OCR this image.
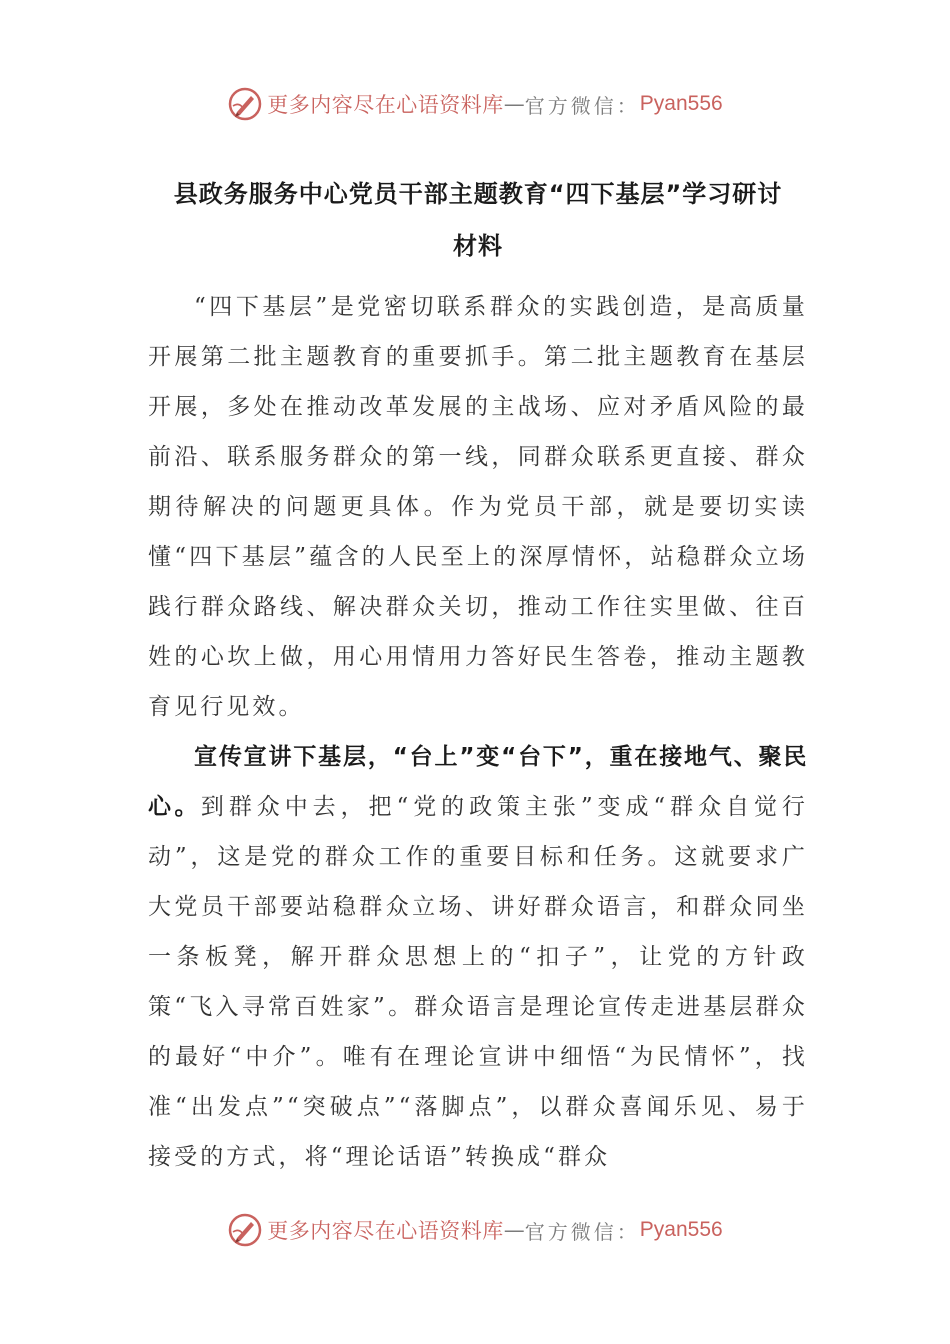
更多内容尽在心语资料库 — 官方微信： Pyan556
县政务服务中心党员干部主题教育“四下基层”学习研讨
材料

“四下基层”是党密切联系群众的实践创造，是高质量开展第二批主题教育的重要抓手。第二批主题教育在基层开展，多处在推动改革发展的主战场、应对矛盾风险的最前沿、联系服务群众的第一线，同群众联系更直接、群众期待解决的问题更具体。作为党员干部，就是要切实读懂“四下基层”蕴含的人民至上的深厚情怀，站稳群众立场践行群众路线、解决群众关切，推动工作往实里做、往百姓的心坎上做，用心用情用力答好民生答卷，推动主题教育见行见效。

宣传宣讲下基层，“台上”变“台下”，重在接地气、聚民心。到群众中去，把“党的政策主张”变成“群众自觉行动”，这是党的群众工作的重要目标和任务。这就要求广大党员干部要站稳群众立场、讲好群众语言，和群众同坐一条板凳，解开群众思想上的“扣子”，让党的方针政策“飞入寻常百姓家”。群众语言是理论宣传走进基层群众的最好“中介”。唯有在理论宣讲中细悟“为民情怀”，找准“出发点”“突破点”“落脚点”，以群众喜闻乐见、易于接受的方式，将“理论话语”转换成“群众

更多内容尽在心语资料库 — 官方微信： Pyan556
